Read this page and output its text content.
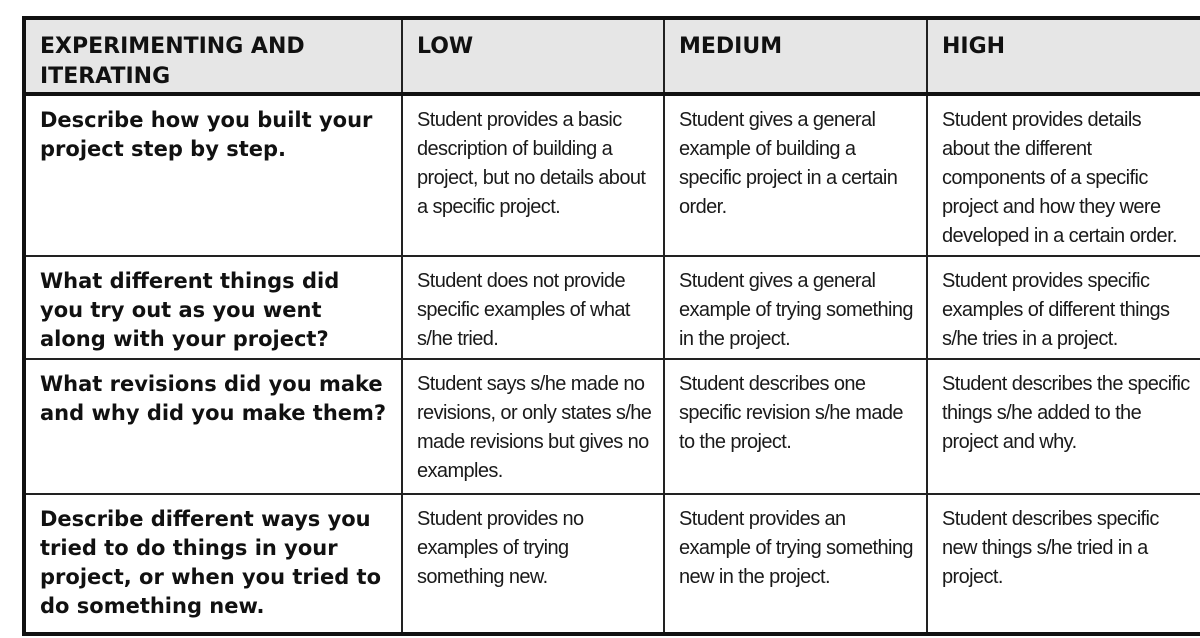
EXPERIMENTING AND ITERATING	LOW	MEDIUM	HIGH
Describe how you built your project step by step.	Student provides a basic description of building a project, but no details about a specific project.	Student gives a general example of building a specific project in a certain order.	Student provides details about the different components of a specific project and how they were developed in a certain order.
What different things did you try out as you went along with your project?	Student does not provide specific examples of what s/he tried.	Student gives a general example of trying something in the project.	Student provides specific examples of different things s/he tries in a project.
What revisions did you make and why did you make them?	Student says s/he made no revisions, or only states s/he made revisions but gives no examples.	Student describes one specific revision s/he made to the project.	Student describes the specific things s/he added to the project and why.
Describe different ways you tried to do things in your project, or when you tried to do something new.	Student provides no examples of trying something new.	Student provides an example of trying something new in the project.	Student describes specific new things s/he tried in a project.
